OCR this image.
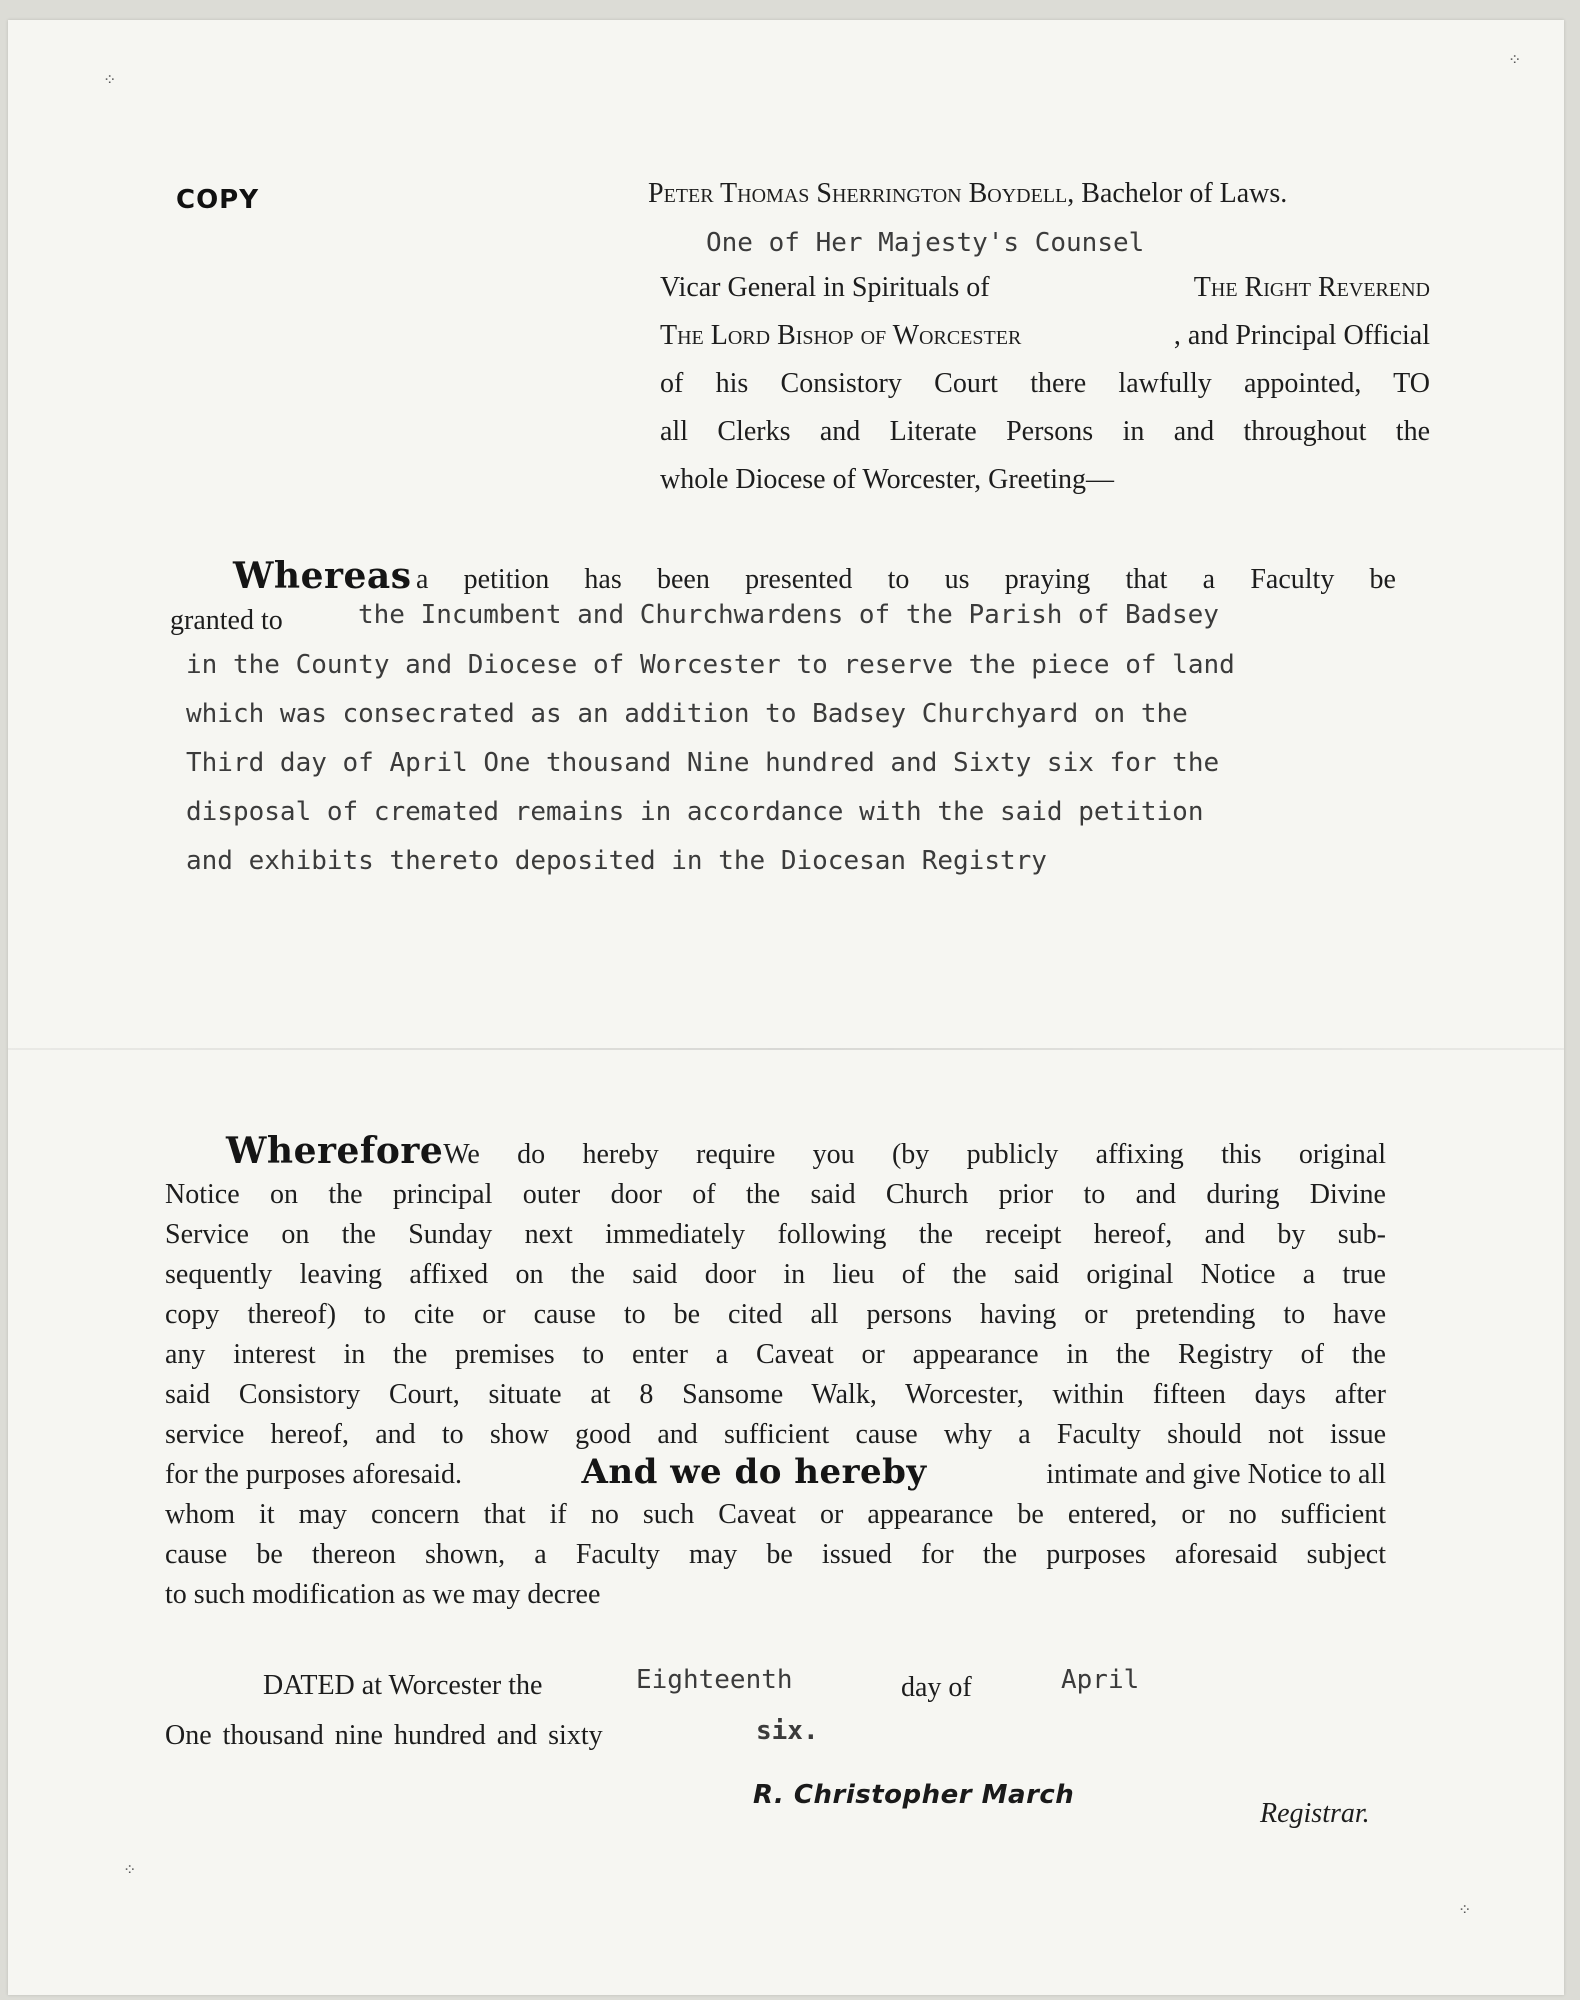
⁘
⁘
⁘
⁘
COPY	Peter Thomas Sherrington Boydell, Bachelor of Laws.
One of Her Majesty's Counsel
Vicar General in Spirituals of	The Right Reverend
The Lord Bishop of Worcester	, and Principal Official
of his Consistory Court there lawfully appointed, TO
all Clerks and Literate Persons in and throughout the
whole Diocese of Worcester, Greeting—
Whereas a petition has been presented to us praying that a Faculty be
granted to	the Incumbent and Churchwardens of the Parish of Badsey
in the County and Diocese of Worcester to reserve the piece of land
which was consecrated as an addition to Badsey Churchyard on the
Third day of April One thousand Nine hundred and Sixty six for the
disposal of cremated remains in accordance with the said petition
and exhibits thereto deposited in the Diocesan Registry
Wherefore We do hereby require you (by publicly affixing this original
Notice on the principal outer door of the said Church prior to and during Divine
Service on the Sunday next immediately following the receipt hereof, and by sub-
sequently leaving affixed on the said door in lieu of the said original Notice a true
copy thereof) to cite or cause to be cited all persons having or pretending to have
any interest in the premises to enter a Caveat or appearance in the Registry of the
said Consistory Court, situate at 8 Sansome Walk, Worcester, within fifteen days after
service hereof, and to show good and sufficient cause why a Faculty should not issue
for the purposes aforesaid.	And we do hereby	intimate and give Notice to all
whom it may concern that if no such Caveat or appearance be entered, or no sufficient
cause be thereon shown, a Faculty may be issued for the purposes aforesaid subject
to such modification as we may decree
DATED at Worcester the	Eighteenth	day of	April
One thousand nine hundred and sixty	six.
R. Christopher March
Registrar.
